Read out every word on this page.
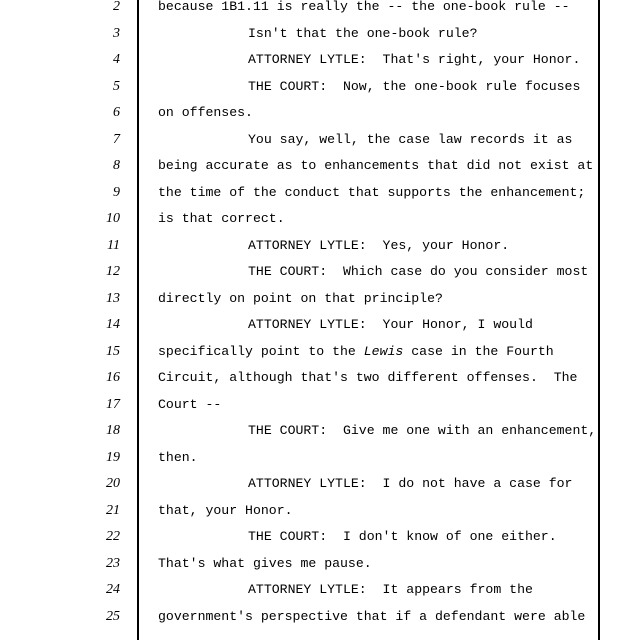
2	because 1B1.11 is really the -- the one-book rule --
3	Isn't that the one-book rule?
4	ATTORNEY LYTLE:  That's right, your Honor.
5	THE COURT:  Now, the one-book rule focuses
6	on offenses.
7	You say, well, the case law records it as
8	being accurate as to enhancements that did not exist at
9	the time of the conduct that supports the enhancement;
10	is that correct.
11	ATTORNEY LYTLE:  Yes, your Honor.
12	THE COURT:  Which case do you consider most
13	directly on point on that principle?
14	ATTORNEY LYTLE:  Your Honor, I would
15	specifically point to the Lewis case in the Fourth
16	Circuit, although that's two different offenses.  The
17	Court --
18	THE COURT:  Give me one with an enhancement,
19	then.
20	ATTORNEY LYTLE:  I do not have a case for
21	that, your Honor.
22	THE COURT:  I don't know of one either.
23	That's what gives me pause.
24	ATTORNEY LYTLE:  It appears from the
25	government's perspective that if a defendant were able
